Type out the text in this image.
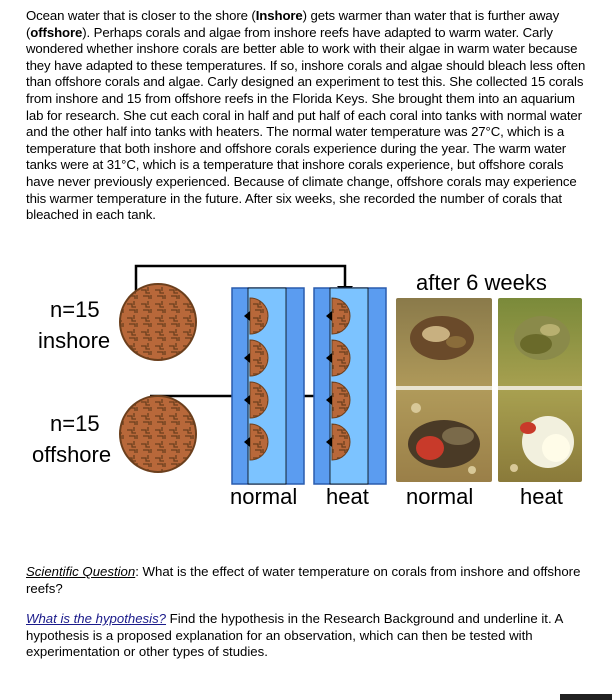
Ocean water that is closer to the shore (Inshore) gets warmer than water that is further away (offshore). Perhaps corals and algae from inshore reefs have adapted to warm water. Carly wondered whether inshore corals are better able to work with their algae in warm water because they have adapted to these temperatures. If so, inshore corals and algae should bleach less often than offshore corals and algae. Carly designed an experiment to test this. She collected 15 corals from inshore and 15 from offshore reefs in the Florida Keys. She brought them into an aquarium lab for research. She cut each coral in half and put half of each coral into tanks with normal water and the other half into tanks with heaters. The normal water temperature was 27°C, which is a temperature that both inshore and offshore corals experience during the year. The warm water tanks were at 31°C, which is a temperature that inshore corals experience, but offshore corals have never previously experienced. Because of climate change, offshore corals may experience this warmer temperature in the future. After six weeks, she recorded the number of corals that bleached in each tank.
n=15
inshore
n=15
offshore
normal heat
after 6 weeks
normal heat
Scientific Question: What is the effect of water temperature on corals from inshore and offshore reefs?
What is the hypothesis? Find the hypothesis in the Research Background and underline it. A hypothesis is a proposed explanation for an observation, which can then be tested with experimentation or other types of studies.
